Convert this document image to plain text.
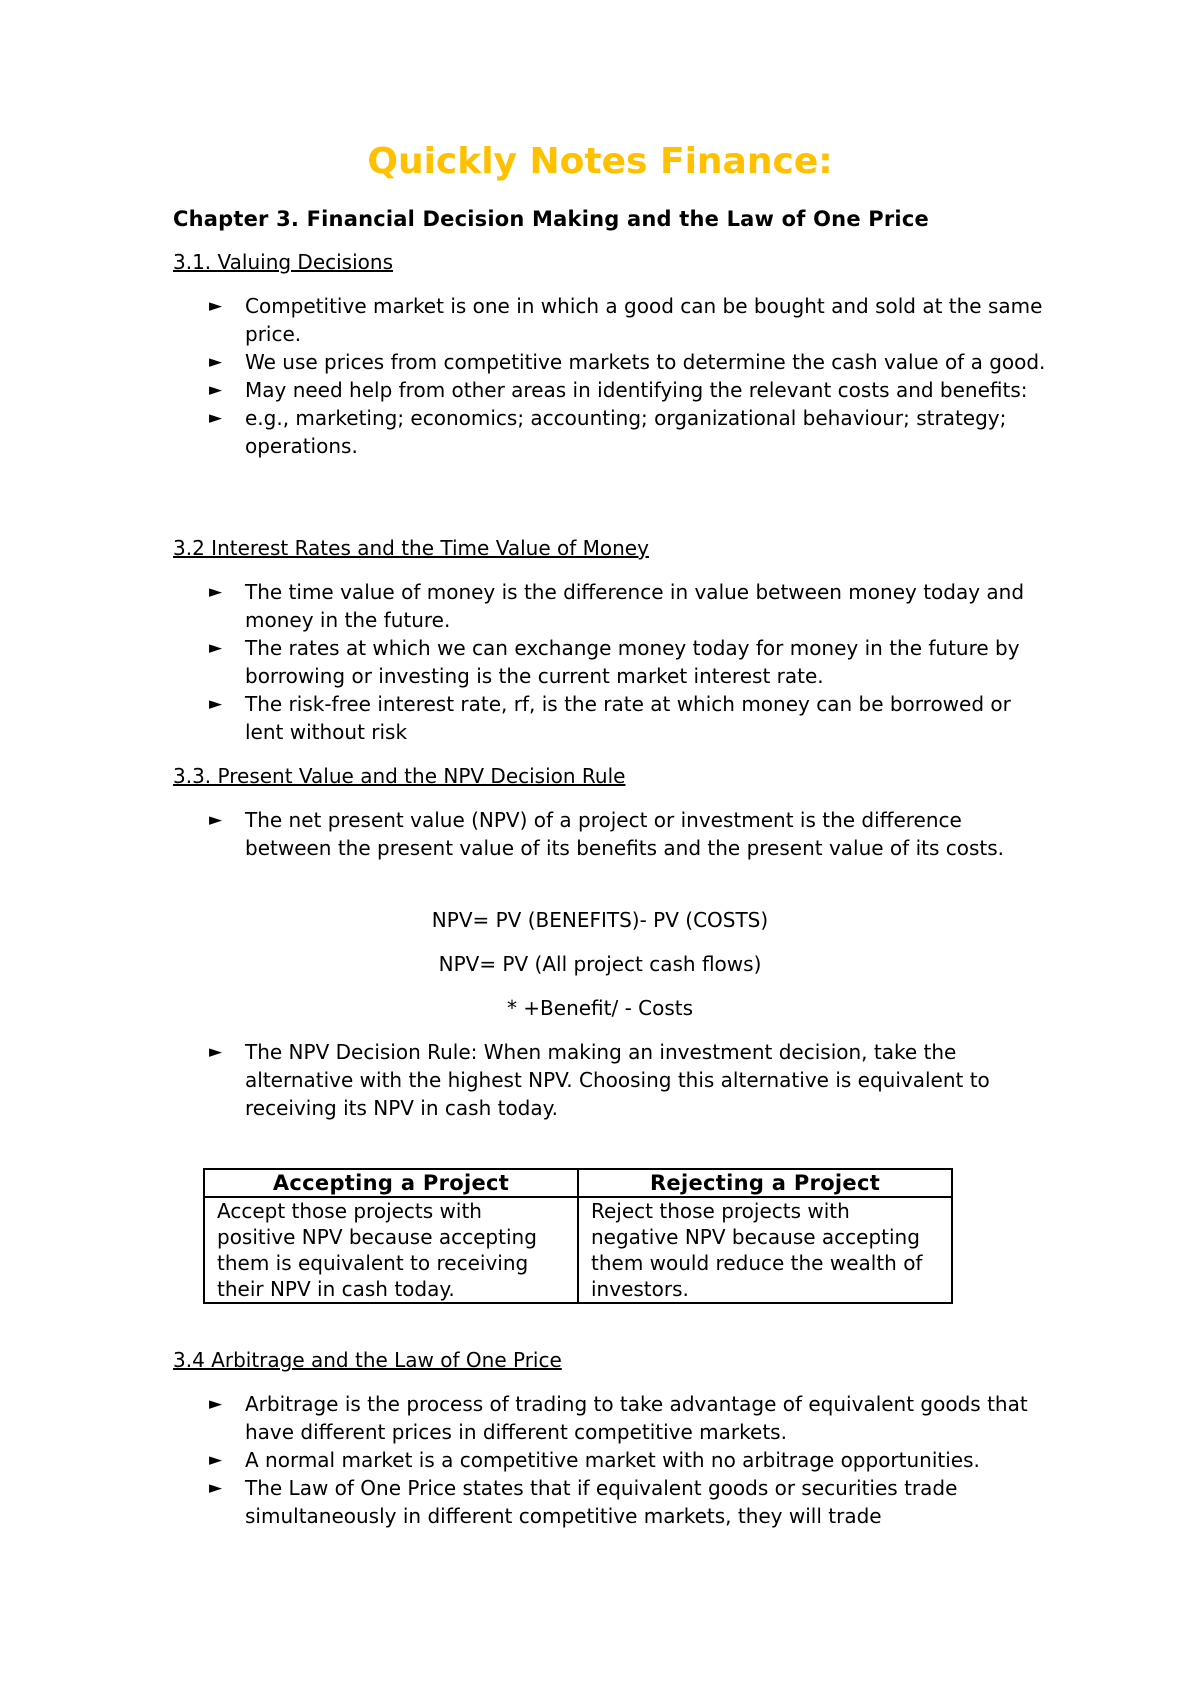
Quickly Notes Finance:
Chapter 3. Financial Decision Making and the Law of One Price
3.1. Valuing Decisions
► Competitive market is one in which a good can be bought and sold at the same price.
► We use prices from competitive markets to determine the cash value of a good.
► May need help from other areas in identifying the relevant costs and benefits:
► e.g., marketing; economics; accounting; organizational behaviour; strategy; operations.
3.2 Interest Rates and the Time Value of Money
► The time value of money is the difference in value between money today and money in the future.
► The rates at which we can exchange money today for money in the future by borrowing or investing is the current market interest rate.
► The risk-free interest rate, rf, is the rate at which money can be borrowed or lent without risk
3.3. Present Value and the NPV Decision Rule
► The net present value (NPV) of a project or investment is the difference between the present value of its benefits and the present value of its costs.
NPV= PV (BENEFITS)- PV (COSTS)
NPV= PV (All project cash flows)
* +Benefit/ - Costs
► The NPV Decision Rule: When making an investment decision, take the alternative with the highest NPV. Choosing this alternative is equivalent to receiving its NPV in cash today.
Accepting a Project	Rejecting a Project
Accept those projects with positive NPV because accepting them is equivalent to receiving their NPV in cash today.	Reject those projects with negative NPV because accepting them would reduce the wealth of investors.
3.4 Arbitrage and the Law of One Price
► Arbitrage is the process of trading to take advantage of equivalent goods that have different prices in different competitive markets.
► A normal market is a competitive market with no arbitrage opportunities.
► The Law of One Price states that if equivalent goods or securities trade simultaneously in different competitive markets, they will trade
